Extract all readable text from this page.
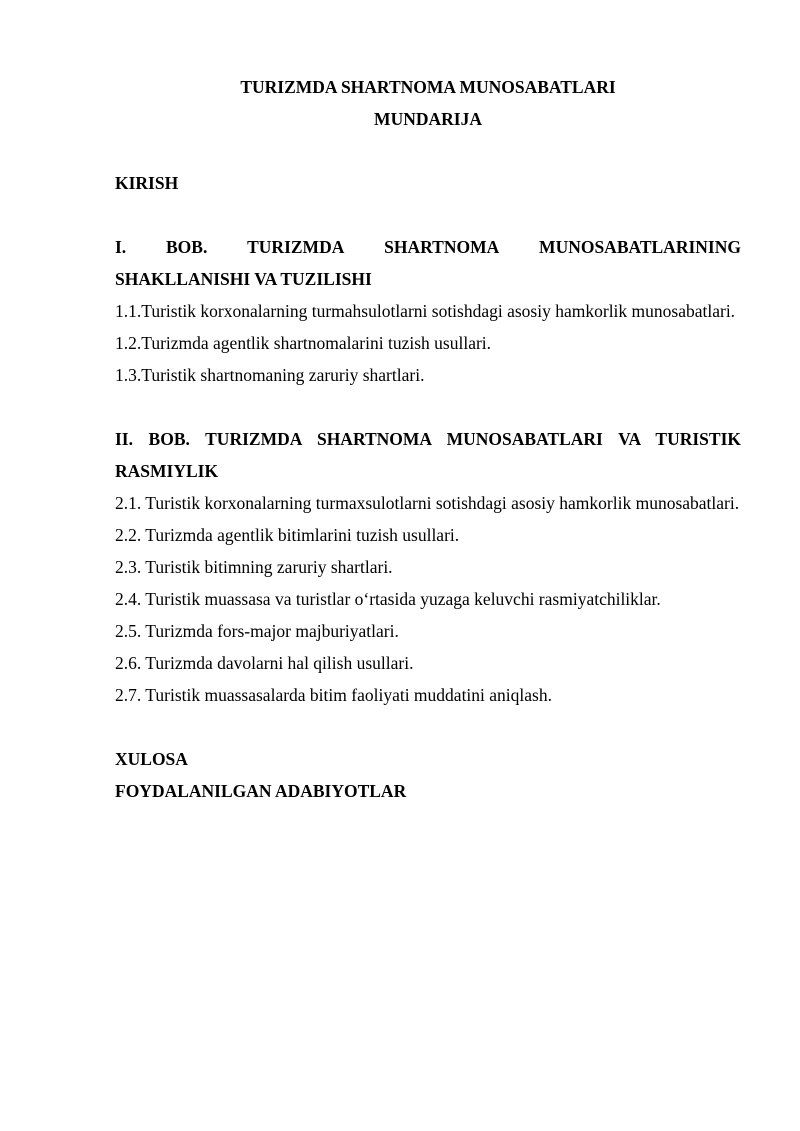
TURIZMDA SHARTNOMA MUNOSABATLARI

MUNDARIJA

KIRISH

I. BOB. TURIZMDA SHARTNOMA MUNOSABATLARINING

SHAKLLANISHI VA TUZILISHI

1.1.Turistik korxonalarning turmahsulotlarni sotishdagi asosiy hamkorlik munosabatlari.

1.2.Turizmda agentlik shartnomalarini tuzish usullari.

1.3.Turistik shartnomaning zaruriy shartlari.

II. BOB. TURIZMDA SHARTNOMA MUNOSABATLARI VA TURISTIK RASMIYLIK

2.1. Turistik korxonalarning turmaxsulotlarni sotishdagi asosiy hamkorlik munosabatlari.

2.2. Turizmda agentlik bitimlarini tuzish usullari.

2.3. Turistik bitimning zaruriy shartlari.

2.4. Turistik muassasa va turistlar o‘rtasida yuzaga keluvchi rasmiyatchiliklar.

2.5. Turizmda fors-major majburiyatlari.

2.6. Turizmda davolarni hal qilish usullari.

2.7. Turistik muassasalarda bitim faoliyati muddatini aniqlash.

XULOSA

FOYDALANILGAN ADABIYOTLAR
